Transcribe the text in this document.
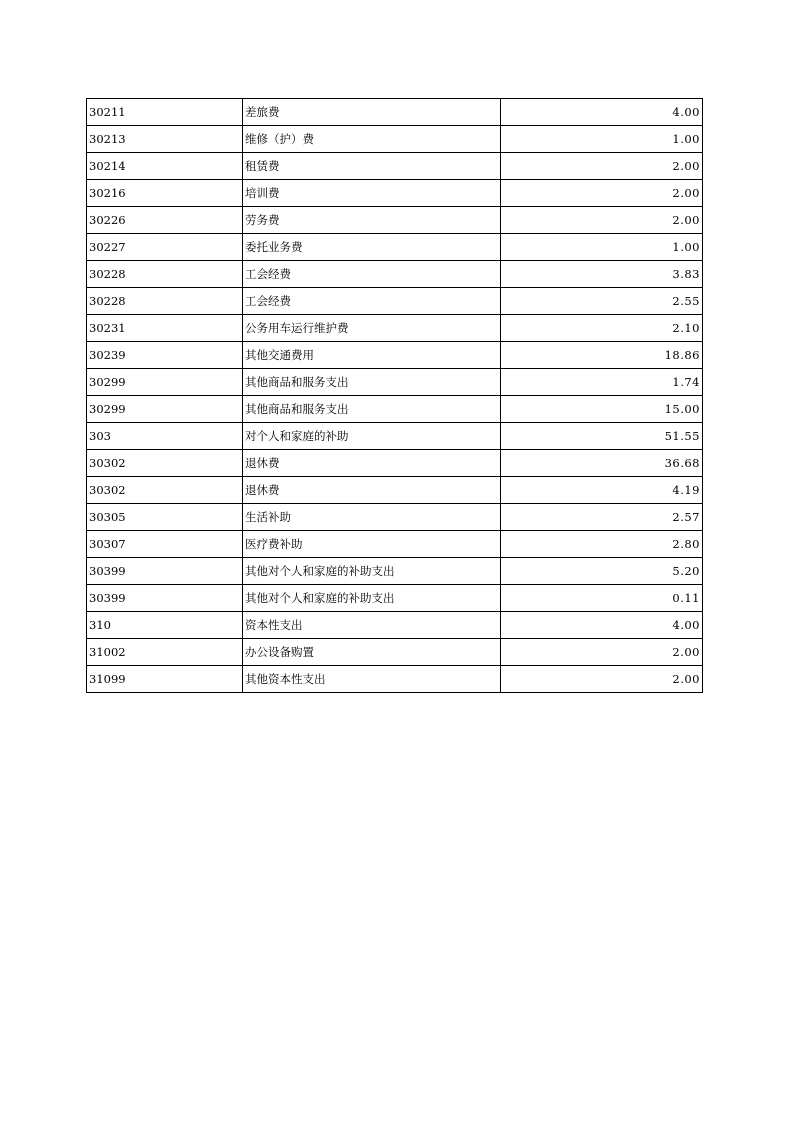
30211	差旅费	4.00
30213	维修（护）费	1.00
30214	租赁费	2.00
30216	培训费	2.00
30226	劳务费	2.00
30227	委托业务费	1.00
30228	工会经费	3.83
30228	工会经费	2.55
30231	公务用车运行维护费	2.10
30239	其他交通费用	18.86
30299	其他商品和服务支出	1.74
30299	其他商品和服务支出	15.00
303	对个人和家庭的补助	51.55
30302	退休费	36.68
30302	退休费	4.19
30305	生活补助	2.57
30307	医疗费补助	2.80
30399	其他对个人和家庭的补助支出	5.20
30399	其他对个人和家庭的补助支出	0.11
310	资本性支出	4.00
31002	办公设备购置	2.00
31099	其他资本性支出	2.00
